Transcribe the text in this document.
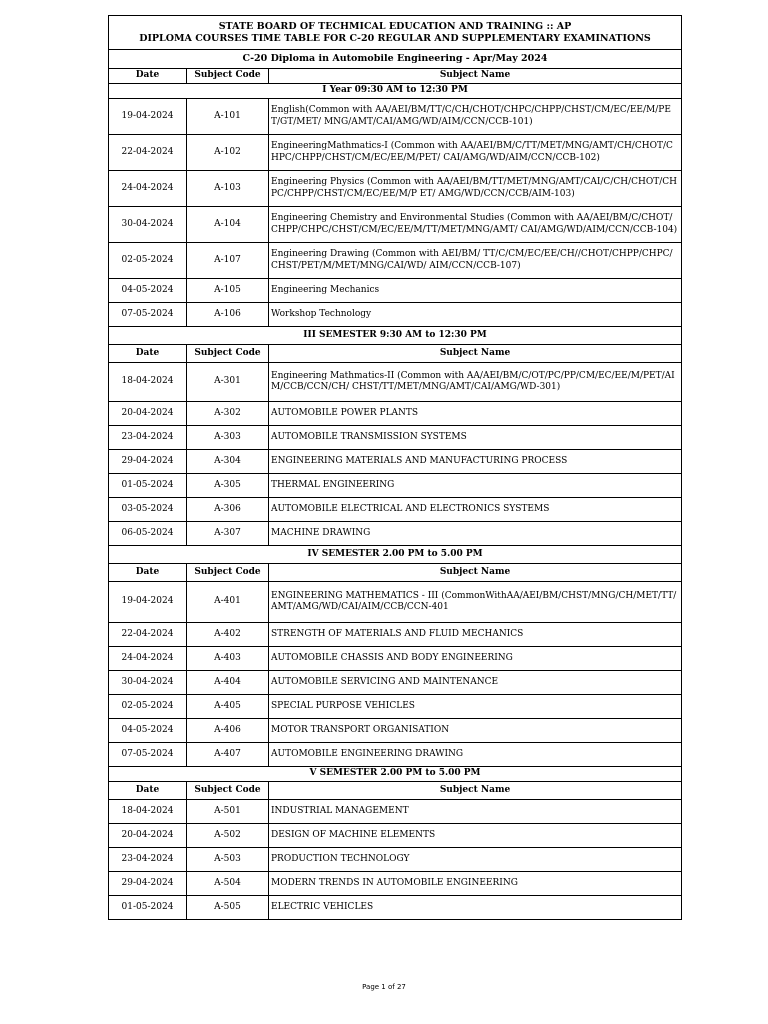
STATE BOARD OF TECHMICAL EDUCATION AND TRAINING :: AP
DIPLOMA COURSES TIME TABLE FOR C-20 REGULAR AND SUPPLEMENTARY EXAMINATIONS		

C-20 Diploma in Automobile Engineering - Apr/May 2024		
Date	Subject Code	Subject Name
I Year 09:30 AM to 12:30 PM		
19-04-2024	A-101	English(Common with AA/AEI/BM/TT/C/CH/CHOT/CHPC/CHPP/CHST/CM/EC/EE/M/PET/GT/MET/ MNG/AMT/CAI/AMG/WD/AIM/CCN/CCB-101)
22-04-2024	A-102	EngineeringMathmatics-I (Common with AA/AEI/BM/C/TT/MET/MNG/AMT/CH/CHOT/CHPC/CHPP/CHST/CM/EC/EE/M/PET/ CAI/AMG/WD/AIM/CCN/CCB-102)
24-04-2024	A-103	Engineering Physics (Common with AA/AEI/BM/TT/MET/MNG/AMT/CAI/C/CH/CHOT/CHPC/CHPP/CHST/CM/EC/EE/M/P ET/ AMG/WD/CCN/CCB/AIM-103)
30-04-2024	A-104	Engineering Chemistry and Environmental Studies (Common with AA/AEI/BM/C/CHOT/CHPP/CHPC/CHST/CM/EC/EE/M/TT/MET/MNG/AMT/ CAI/AMG/WD/AIM/CCN/CCB-104)
02-05-2024	A-107	Engineering Drawing (Common with AEI/BM/ TT/C/CM/EC/EE/CH//CHOT/CHPP/CHPC/CHST/PET/M/MET/MNG/CAI/WD/ AIM/CCN/CCB-107)
04-05-2024	A-105	Engineering Mechanics
07-05-2024	A-106	Workshop Technology
III SEMESTER 9:30 AM to 12:30 PM		
Date	Subject Code	Subject Name
18-04-2024	A-301	Engineering Mathmatics-II (Common with AA/AEI/BM/C/OT/PC/PP/CM/EC/EE/M/PET/AIM/CCB/CCN/CH/ CHST/TT/MET/MNG/AMT/CAI/AMG/WD-301)
20-04-2024	A-302	AUTOMOBILE POWER PLANTS
23-04-2024	A-303	AUTOMOBILE TRANSMISSION SYSTEMS
29-04-2024	A-304	ENGINEERING MATERIALS AND MANUFACTURING PROCESS
01-05-2024	A-305	THERMAL ENGINEERING
03-05-2024	A-306	AUTOMOBILE ELECTRICAL AND ELECTRONICS SYSTEMS
06-05-2024	A-307	MACHINE DRAWING
IV SEMESTER 2.00 PM to 5.00 PM		
Date	Subject Code	Subject Name
19-04-2024	A-401	ENGINEERING MATHEMATICS - III (CommonWithAA/AEI/BM/CHST/MNG/CH/MET/TT/AMT/AMG/WD/CAI/AIM/CCB/CCN-401
22-04-2024	A-402	STRENGTH OF MATERIALS AND FLUID MECHANICS
24-04-2024	A-403	AUTOMOBILE CHASSIS AND BODY ENGINEERING
30-04-2024	A-404	AUTOMOBILE SERVICING AND MAINTENANCE
02-05-2024	A-405	SPECIAL PURPOSE VEHICLES
04-05-2024	A-406	MOTOR TRANSPORT ORGANISATION
07-05-2024	A-407	AUTOMOBILE ENGINEERING DRAWING
V SEMESTER 2.00 PM to 5.00 PM		
Date	Subject Code	Subject Name
18-04-2024	A-501	INDUSTRIAL MANAGEMENT
20-04-2024	A-502	DESIGN OF MACHINE ELEMENTS
23-04-2024	A-503	PRODUCTION TECHNOLOGY
29-04-2024	A-504	MODERN TRENDS IN AUTOMOBILE ENGINEERING
01-05-2024	A-505	ELECTRIC VEHICLES
Page 1 of 27
